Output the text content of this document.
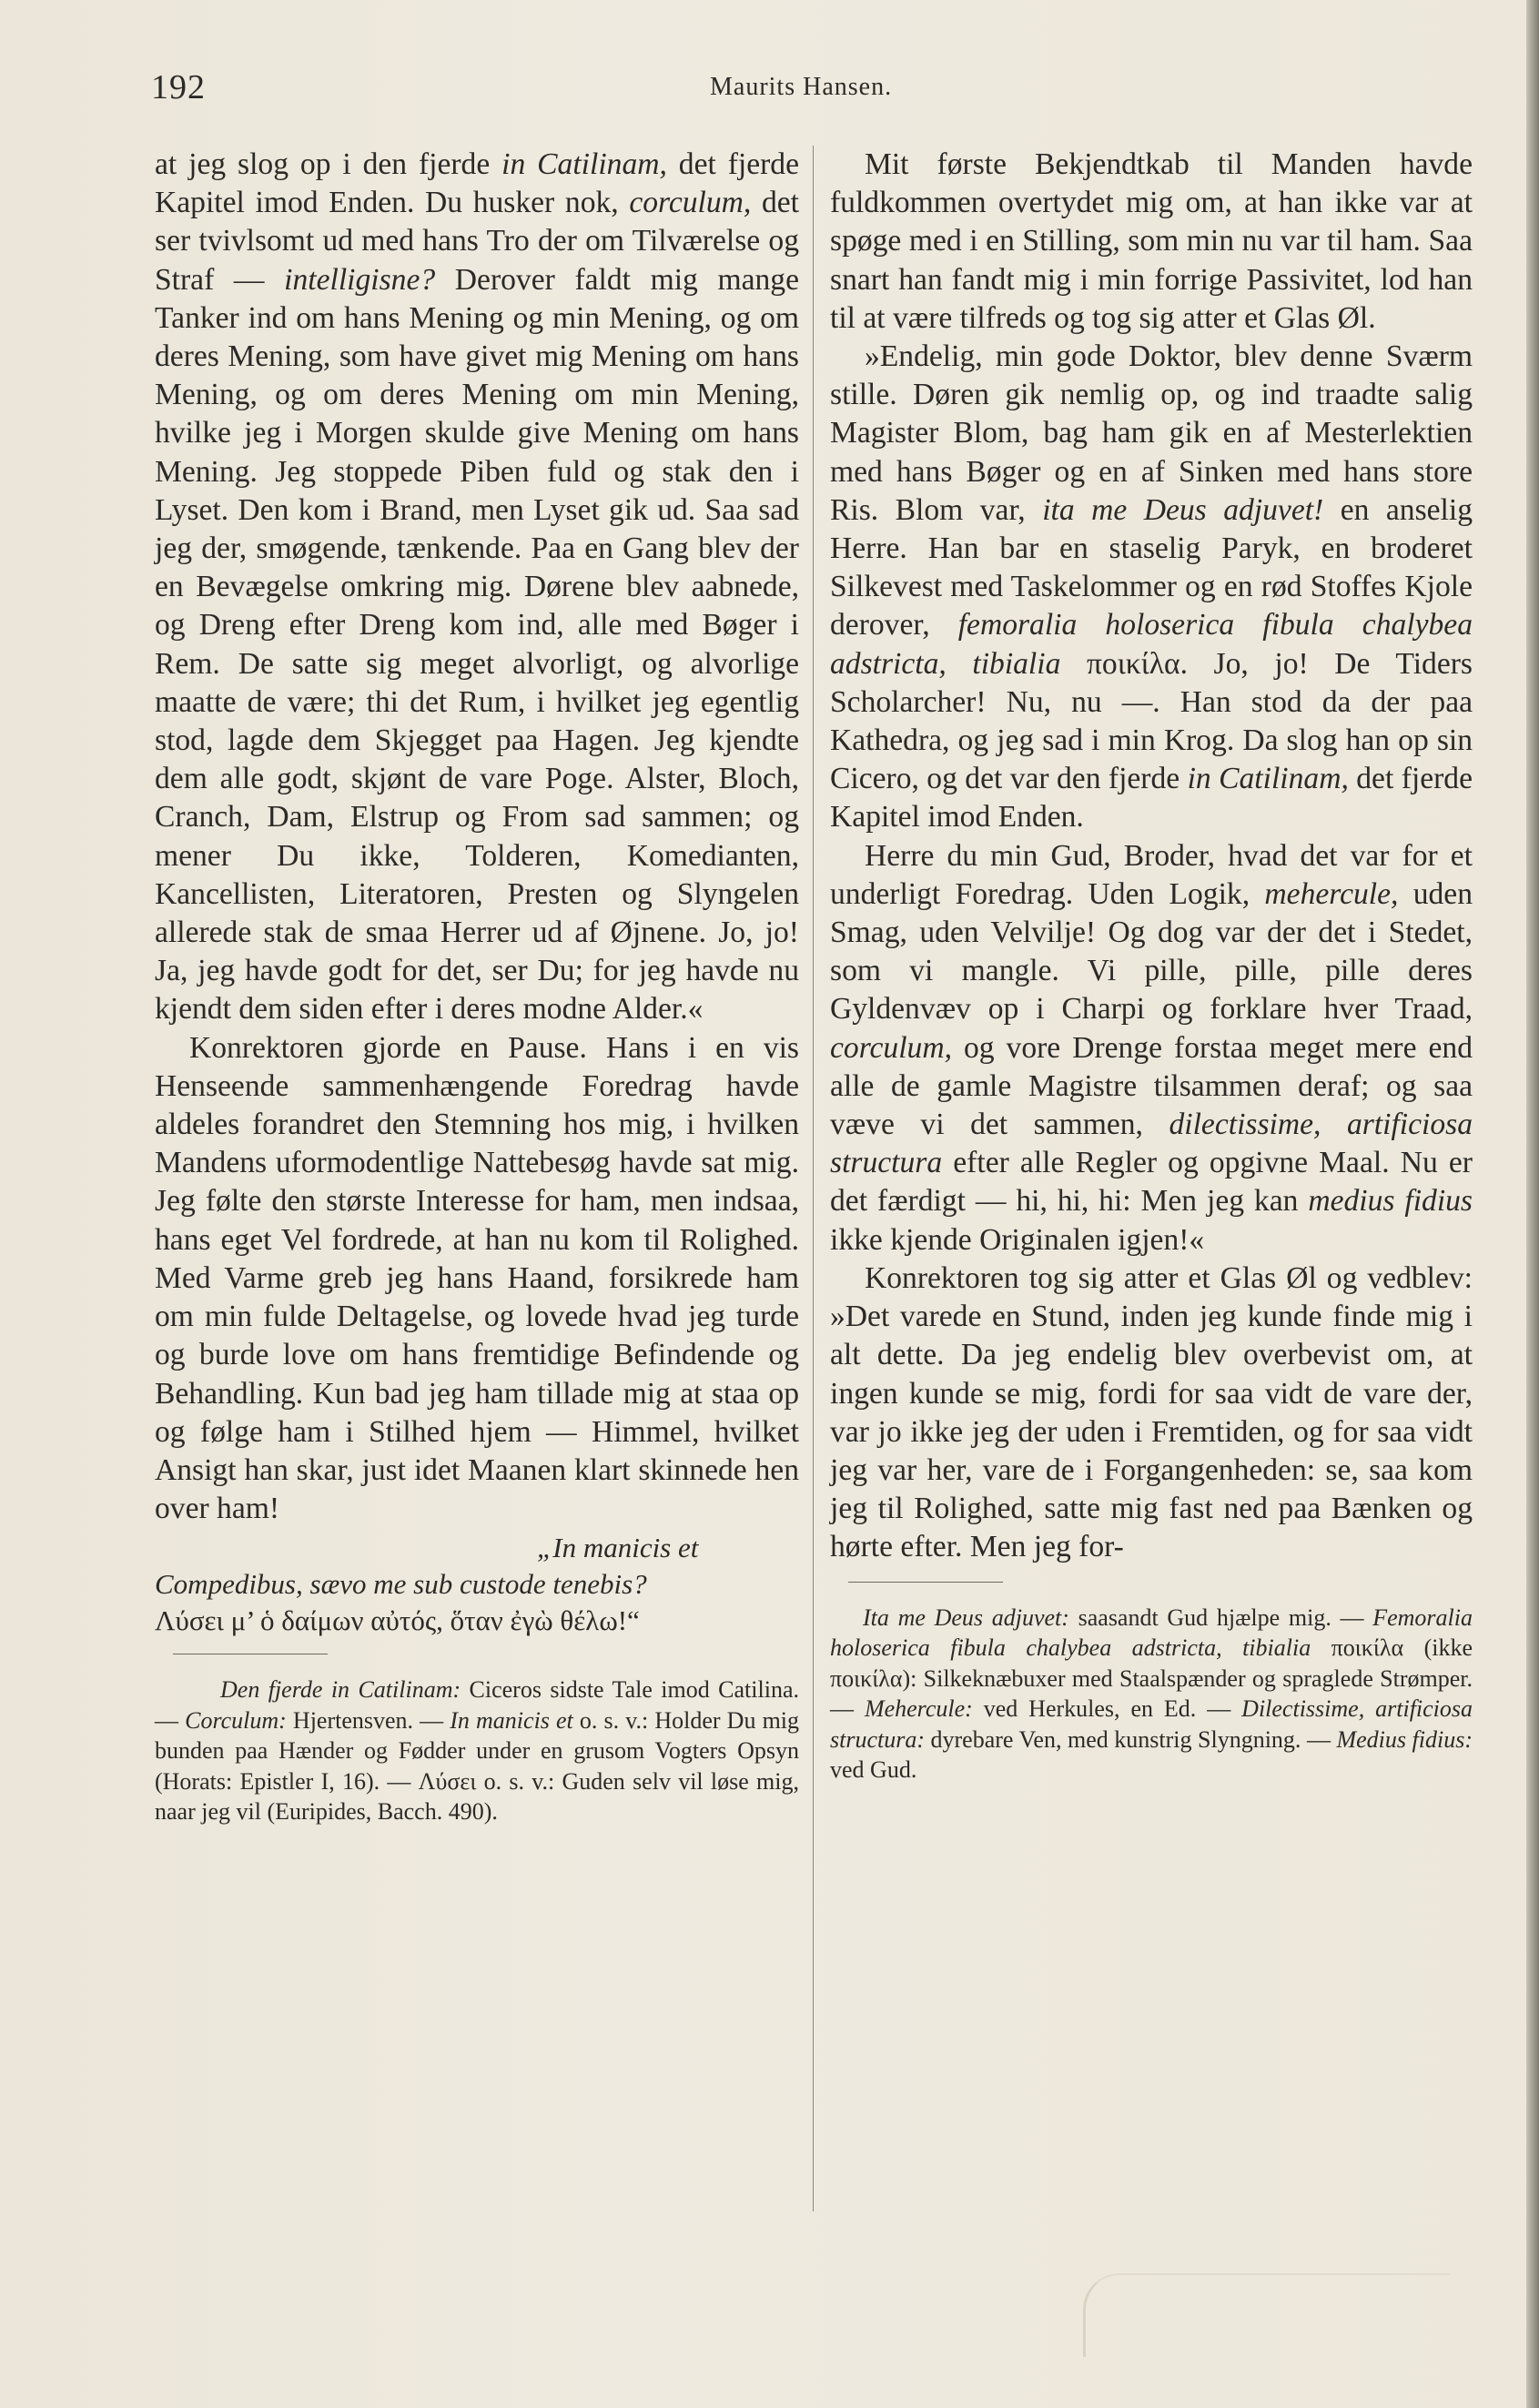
192	Maurits Hansen.

at jeg slog op i den fjerde in Catilinam, det fjerde Kapitel imod Enden. Du husker nok, corculum, det ser tvivlsomt ud med hans Tro der om Tilværelse og Straf — intelligisne? Derover faldt mig mange Tanker ind om hans Mening og min Mening, og om deres Mening, som have givet mig Mening om hans Mening, og om deres Mening om min Mening, hvilke jeg i Morgen skulde give Mening om hans Mening. Jeg stoppede Piben fuld og stak den i Lyset. Den kom i Brand, men Lyset gik ud. Saa sad jeg der, smøgende, tænkende. Paa en Gang blev der en Bevægelse omkring mig. Dørene blev aabnede, og Dreng efter Dreng kom ind, alle med Bøger i Rem. De satte sig meget alvorligt, og alvorlige maatte de være; thi det Rum, i hvilket jeg egentlig stod, lagde dem Skjegget paa Hagen. Jeg kjendte dem alle godt, skjønt de vare Poge. Alster, Bloch, Cranch, Dam, Elstrup og From sad sammen; og mener Du ikke, Tolderen, Komedianten, Kancellisten, Literatoren, Presten og Slyngelen allerede stak de smaa Herrer ud af Øjnene. Jo, jo! Ja, jeg havde godt for det, ser Du; for jeg havde nu kjendt dem siden efter i deres modne Alder.«

Konrektoren gjorde en Pause. Hans i en vis Henseende sammenhængende Foredrag havde aldeles forandret den Stemning hos mig, i hvilken Mandens uformodentlige Nattebesøg havde sat mig. Jeg følte den største Interesse for ham, men indsaa, hans eget Vel fordrede, at han nu kom til Rolighed. Med Varme greb jeg hans Haand, forsikrede ham om min fulde Deltagelse, og lovede hvad jeg turde og burde love om hans fremtidige Befindende og Behandling. Kun bad jeg ham tillade mig at staa op og følge ham i Stilhed hjem — Himmel, hvilket Ansigt han skar, just idet Maanen klart skinnede hen over ham!

„In manicis et
Compedibus, sævo me sub custode tenebis?
Λύσει μ’ ὁ δαίμων αὐτός, ὅταν ἐγὼ θέλω!“
Den fjerde in Catilinam: Ciceros sidste Tale imod Catilina. — Corculum: Hjertensven. — In manicis et o. s. v.: Holder Du mig bunden paa Hænder og Fødder under en grusom Vogters Opsyn (Horats: Epistler I, 16). — Λύσει o. s. v.: Guden selv vil løse mig, naar jeg vil (Euripides, Bacch. 490).

Mit første Bekjendtkab til Manden havde fuldkommen overtydet mig om, at han ikke var at spøge med i en Stilling, som min nu var til ham. Saa snart han fandt mig i min forrige Passivitet, lod han til at være tilfreds og tog sig atter et Glas Øl.

»Endelig, min gode Doktor, blev denne Sværm stille. Døren gik nemlig op, og ind traadte salig Magister Blom, bag ham gik en af Mesterlektien med hans Bøger og en af Sinken med hans store Ris. Blom var, ita me Deus adjuvet! en anselig Herre. Han bar en staselig Paryk, en broderet Silkevest med Taskelommer og en rød Stoffes Kjole derover, femoralia holoserica fibula chalybea adstricta, tibialia ποικίλα. Jo, jo! De Tiders Scholarcher! Nu, nu —. Han stod da der paa Kathedra, og jeg sad i min Krog. Da slog han op sin Cicero, og det var den fjerde in Catilinam, det fjerde Kapitel imod Enden.

Herre du min Gud, Broder, hvad det var for et underligt Foredrag. Uden Logik, mehercule, uden Smag, uden Velvilje! Og dog var der det i Stedet, som vi mangle. Vi pille, pille, pille deres Gyldenvæv op i Charpi og forklare hver Traad, corculum, og vore Drenge forstaa meget mere end alle de gamle Magistre tilsammen deraf; og saa væve vi det sammen, dilectissime, artificiosa structura efter alle Regler og opgivne Maal. Nu er det færdigt — hi, hi, hi: Men jeg kan medius fidius ikke kjende Originalen igjen!«

Konrektoren tog sig atter et Glas Øl og vedblev: »Det varede en Stund, inden jeg kunde finde mig i alt dette. Da jeg endelig blev overbevist om, at ingen kunde se mig, fordi for saa vidt de vare der, var jo ikke jeg der uden i Fremtiden, og for saa vidt jeg var her, vare de i Forgangenheden: se, saa kom jeg til Rolighed, satte mig fast ned paa Bænken og hørte efter. Men jeg for-

Ita me Deus adjuvet: saasandt Gud hjælpe mig. — Femoralia holoserica fibula chalybea adstricta, tibialia ποικίλα (ikke ποικίλα): Silkeknæbuxer med Staalspænder og spraglede Strømper. — Mehercule: ved Herkules, en Ed. — Dilectissime, artificiosa structura: dyrebare Ven, med kunstrig Slyngning. — Medius fidius: ved Gud.
